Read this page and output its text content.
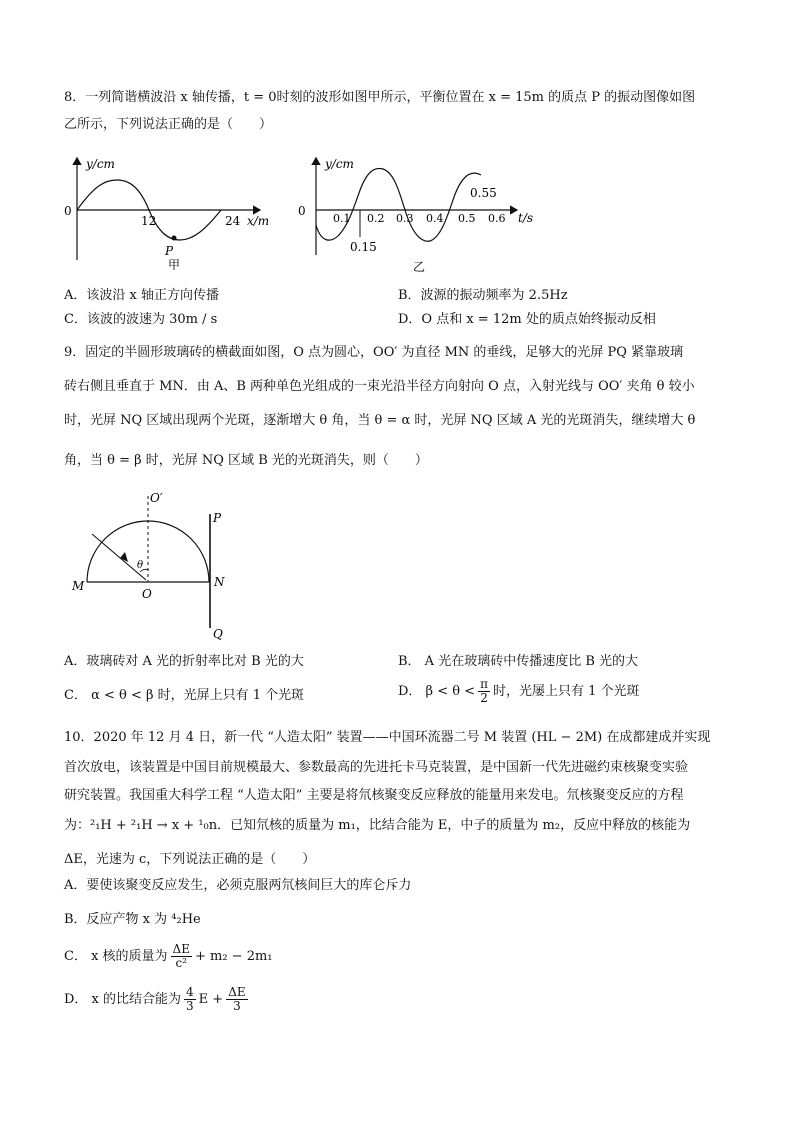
8．一列简谐横波沿 x 轴传播，t = 0时刻的波形如图甲所示，平衡位置在 x = 15m 的质点 P 的振动图像如图
乙所示，下列说法正确的是（　　）
y/cm
0
12	24 x/m
P
甲
0
y/cm
0.1 0.2 0.3 0.4 0.5 0.6 t/s
0.15
0.55
乙
A．该波沿 x 轴正方向传播	B．波源的振动频率为 2.5Hz
C．该波的波速为 30m / s	D．O 点和 x = 12m 处的质点始终振动反相
9．固定的半圆形玻璃砖的横截面如图，O 点为圆心，OO′ 为直径 MN 的垂线，足够大的光屏 PQ 紧靠玻璃
砖右侧且垂直于 MN．由 A、B 两种单色光组成的一束光沿半径方向射向 O 点，入射光线与 OO′ 夹角 θ 较小
时，光屏 NQ 区域出现两个光斑，逐渐增大 θ 角，当 θ = α 时，光屏 NQ 区域 A 光的光斑消失，继续增大 θ
角，当 θ = β 时，光屏 NQ 区域 B 光的光斑消失，则（　　）
O′
P
N
M
O
Q
θ
A．玻璃砖对 A 光的折射率比对 B 光的大	B． A 光在玻璃砖中传播速度比 B 光的大
C． α < θ < β 时，光屏上只有 1 个光斑	D． $\beta < \theta < \frac{\pi}{2}$ 时，光屡上只有 1 个光斑
10．2020 年 12 月 4 日，新一代 “人造太阳” 装置——中国环流器二号 M 装置 (HL − 2M) 在成都建成并实现
首次放电，该装置是中国目前规模最大、参数最高的先进托卡马克装置，是中国新一代先进磁约束核聚变实验
研究装置。我国重大科学工程 “人造太阳” 主要是将氘核聚变反应释放的能量用来发电。氘核聚变反应的方程
为：²₁H + ²₁H → x + ¹₀n．已知氘核的质量为 m₁，比结合能为 E，中子的质量为 m₂，反应中释放的核能为
ΔE，光速为 c，下列说法正确的是（　　）
A．要使该聚变反应发生，必须克服两氘核间巨大的库仑斥力
B．反应产物 x 为 ⁴₂He
C． x 核的质量为 $\frac{\Delta E}{\text{c²}} + m_2 - 2m_1$
D． x 的比结合能为 $\frac{4}{3}$ $E + \frac{\Delta E}{3}$
